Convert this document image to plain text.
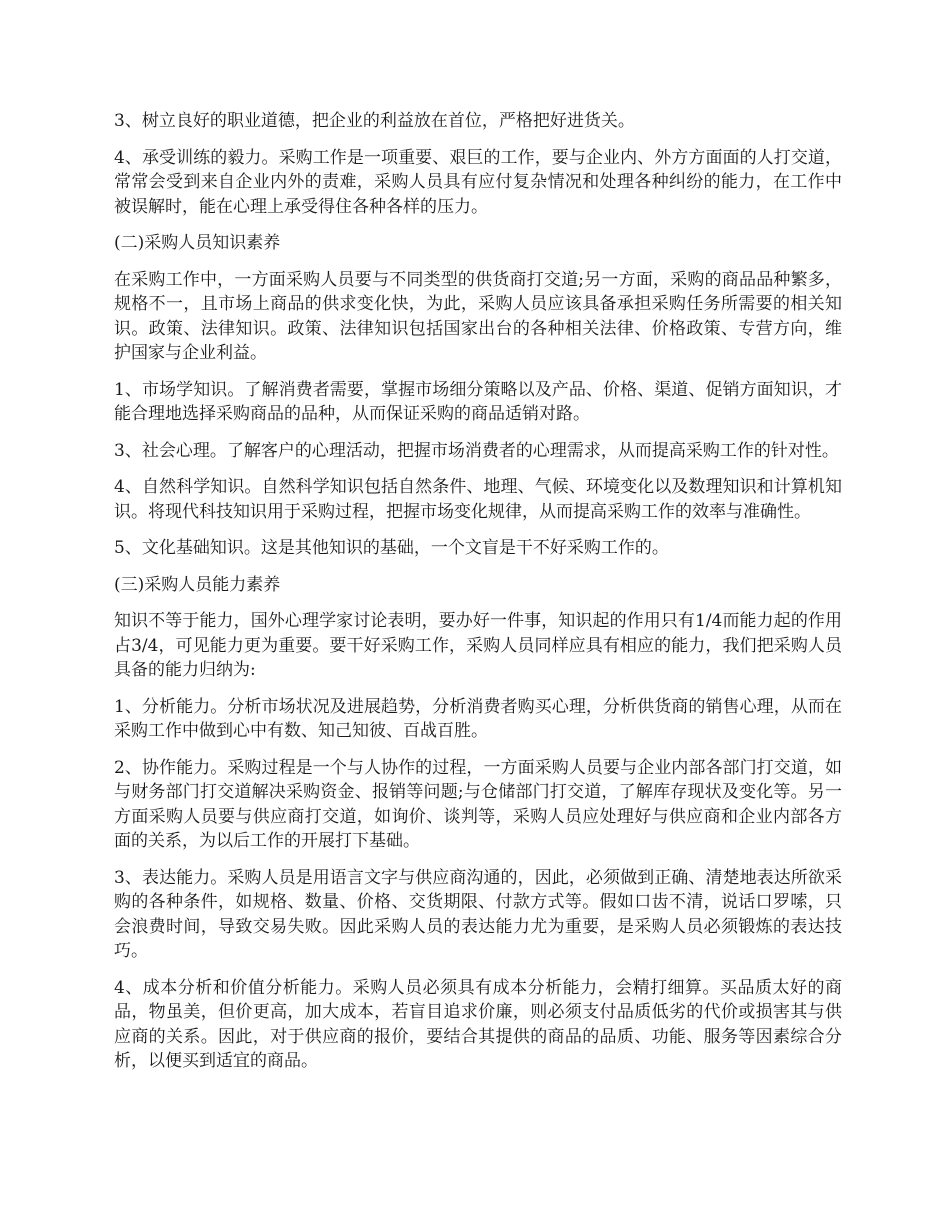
3、树立良好的职业道德，把企业的利益放在首位，严格把好进货关。

4、承受训练的毅力。采购工作是一项重要、艰巨的工作，要与企业内、外方方面面的人打交道，常常会受到来自企业内外的责难，采购人员具有应付复杂情况和处理各种纠纷的能力，在工作中被误解时，能在心理上承受得住各种各样的压力。

(二)采购人员知识素养

在采购工作中，一方面采购人员要与不同类型的供货商打交道;另一方面，采购的商品品种繁多，规格不一，且市场上商品的供求变化快，为此，采购人员应该具备承担采购任务所需要的相关知识。政策、法律知识。政策、法律知识包括国家出台的各种相关法律、价格政策、专营方向，维护国家与企业利益。

1、市场学知识。了解消费者需要，掌握市场细分策略以及产品、价格、渠道、促销方面知识，才能合理地选择采购商品的品种，从而保证采购的商品适销对路。

3、社会心理。了解客户的心理活动，把握市场消费者的心理需求，从而提高采购工作的针对性。

4、自然科学知识。自然科学知识包括自然条件、地理、气候、环境变化以及数理知识和计算机知识。将现代科技知识用于采购过程，把握市场变化规律，从而提高采购工作的效率与准确性。

5、文化基础知识。这是其他知识的基础，一个文盲是干不好采购工作的。

(三)采购人员能力素养

知识不等于能力，国外心理学家讨论表明，要办好一件事，知识起的作用只有1/4而能力起的作用占3/4，可见能力更为重要。要干好采购工作，采购人员同样应具有相应的能力，我们把采购人员具备的能力归纳为:

1、分析能力。分析市场状况及进展趋势，分析消费者购买心理，分析供货商的销售心理，从而在采购工作中做到心中有数、知己知彼、百战百胜。

2、协作能力。采购过程是一个与人协作的过程，一方面采购人员要与企业内部各部门打交道，如与财务部门打交道解决采购资金、报销等问题;与仓储部门打交道，了解库存现状及变化等。另一方面采购人员要与供应商打交道，如询价、谈判等，采购人员应处理好与供应商和企业内部各方面的关系，为以后工作的开展打下基础。

3、表达能力。采购人员是用语言文字与供应商沟通的，因此，必须做到正确、清楚地表达所欲采购的各种条件，如规格、数量、价格、交货期限、付款方式等。假如口齿不清，说话口罗嗦，只会浪费时间，导致交易失败。因此采购人员的表达能力尤为重要，是采购人员必须锻炼的表达技巧。

4、成本分析和价值分析能力。采购人员必须具有成本分析能力，会精打细算。买品质太好的商品，物虽美，但价更高，加大成本，若盲目追求价廉，则必须支付品质低劣的代价或损害其与供应商的关系。因此，对于供应商的报价，要结合其提供的商品的品质、功能、服务等因素综合分析，以便买到适宜的商品。
